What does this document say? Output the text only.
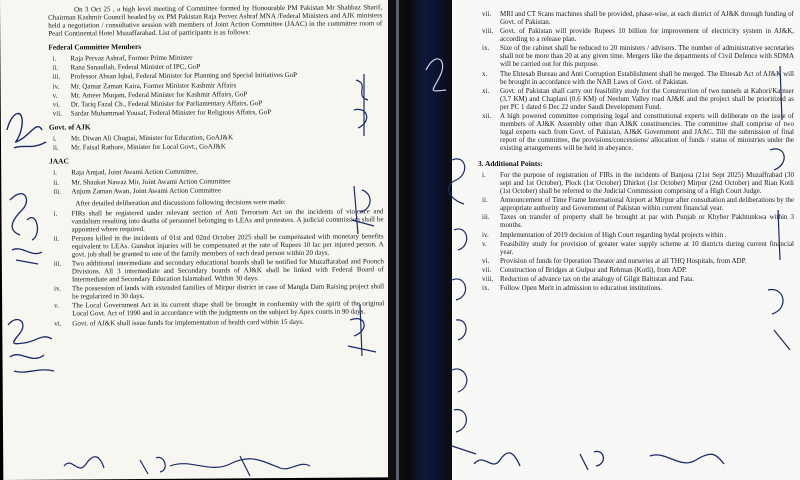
On 3 Oct 25 , a high level meeting of Committee formed by Honourable PM Pakistan Mr Shahbaz Sharif, Chairman Kashmir Council headed by ex PM Pakistan Raja Pervez Ashraf MNA /Federal Ministers and AJK ministers held a negotiation / consultative session with members of Joint Action Committee (JAAC) in the committee room of Pearl Continental Hotel Muzaffarabad. List of participants is as follows:

Federal Committee Members
i.	Raja Pervaz Ashraf, Former Prime Minister
ii.	Rana Sanaullah, Federal Minister of IPC, GoP
iii.	Professor Ahsan Iqbal, Federal Minister for Planning and Special Initiatives GoP
iv.	Mr. Qamar Zaman Kaira, Former Minister Kashmir Affairs
v.	Mr. Ameer Muqam, Federal Minister for Kashmir Affairs, GoP
vi.	Dr. Tariq Fazal Ch., Federal Minister for Parliamentary Affairs, GoP
vii.	Sardar Muhammad Yousaf, Federal Minister for Religious Affairs, GoP
Govt. of AJK
i.	Mr. Diwan Ali Chugtai, Minister for Education, GoAJ&K
ii.	Mr. Faisal Rathore, Minister for Local Govt., GoAJ&K
JAAC
i.	Raja Amjad, Joint Awami Action Committee,
ii.	Mr. Shaukat Nawaz Mir, Joint Awami Action Committee
iii.	Anjum Zaman Awan, Joint Awami Action Committee

After detailed deliberation and discussions following decisions were made:

i.	FIRs shall be registered under relevant section of Anti Terrorism Act on the incidents of violence and vandalism resulting into deaths of personnel belonging to LEAs and protesters. A judicial commission shall be appointed where required.
ii.	Persons killed in the incidents of 01st and 02nd October 2025 shall be compensated with monetary benefits equivalent to LEAs. Gunshot injuries will be compensated at the rate of Rupees 10 lac per injured person. A govt. job shall be granted to one of the family members of each dead person within 20 days.
iii.	Two additional intermediate and secondary educational boards shall be notified for Muzaffarabad and Poonch Divisions. All 3 intermediate and Secondary boards of AJ&K shall be linked with Federal Board of Intermediate and Secondary Education Islamabad. Within 30 days.
iv.	The possession of lands with extended families of Mirpur district in case of Mangla Dam Raising project shall be regularized in 30 days.
v.	The Local Government Act in its current shape shall be brought in conformity with the spirit of the original Local Govt. Act of 1990 and in accordance with the judgments on the subject by Apex courts in 90 days.
vi.	Govt. of AJ&K shall issue funds for implementation of health card within 15 days.
vii.	MRI and CT Scans machines shall be provided, phase-wise, at each district of AJ&K through funding of Govt. of Pakistan.
viii. Govt. of Pakistan will provide Rupees 10 billion for improvement of electricity system in AJ&K, according to a release plan.
ix.	Size of the cabinet shall be reduced to 20 ministers / advisors. The number of administrative secretaries shall not be more than 20 at any given time. Mergers like the departments of Civil Defence with SDMA will be carried out for this purpose.
x.	The Ehtesab Bureau and Anti Corruption Establishment shall be merged. The Ehtesab Act of AJ&K will be brought in accordance with the NAB Laws of Govt. of Pakistan.
xi.	Govt. of Pakistan shall carry out feasibility study for the Construction of two tunnels at Kahori/Kamser (3.7 KM) and Chaplani (0.6 KM) of Neelum Valley road AJ&K and the project shall be prioritized as per PC 1 dated 6 Dec 22 under Saudi Development Fund.
xii.	A high powered committee comprising legal and constitutional experts will deliberate on the issue of members of AJ&K Assembly other than AJ&K constituencies. The committee shall comprise of two legal experts each from Govt. of Pakistan, AJ&K Government and JAAC. Till the submission of final report of the committee, the provisions/concessions/ allocation of funds / status of ministries under the existing arrangements will be held in abeyance.
3. Additional Points:
i.	For the purpose of registration of FIRs in the incidents of Banjosa (21st Sept 2025) Muzaffrabad (30 sept and 1st October), Plock (1st October) Dhirkot (1st October) Mirpur (2nd October) and Rian Kotli (1st October) shall be referred to the Judicial Commission comprising of a High Court Judge.
ii.	Announcement of Time Frame International Airport at Mirpur after consultation and deliberations by the appropriate authority and Government of Pakistan within current financial year.
iii.	Taxes on transfer of property shall be brought at par with Punjab or Khyber Pakhtunkwa within 3 months.
iv.	Implementation of 2019 decision of High Court regarding hydal projects within .
v.	Feasibility study for provision of greater water supply scheme at 10 districts during current financial year.
vi.	Provision of funds for Operation Theater and nurseries at all THQ Hospitals, from ADP.
vii.	Construction of Bridges at Gulpur and Rehman (Kotli), from ADP.
viii. Reduction of advance tax on the analogy of Gilgit Baltistan and Fata.
ix.	Follow Open Merit in admission to education institutions.
